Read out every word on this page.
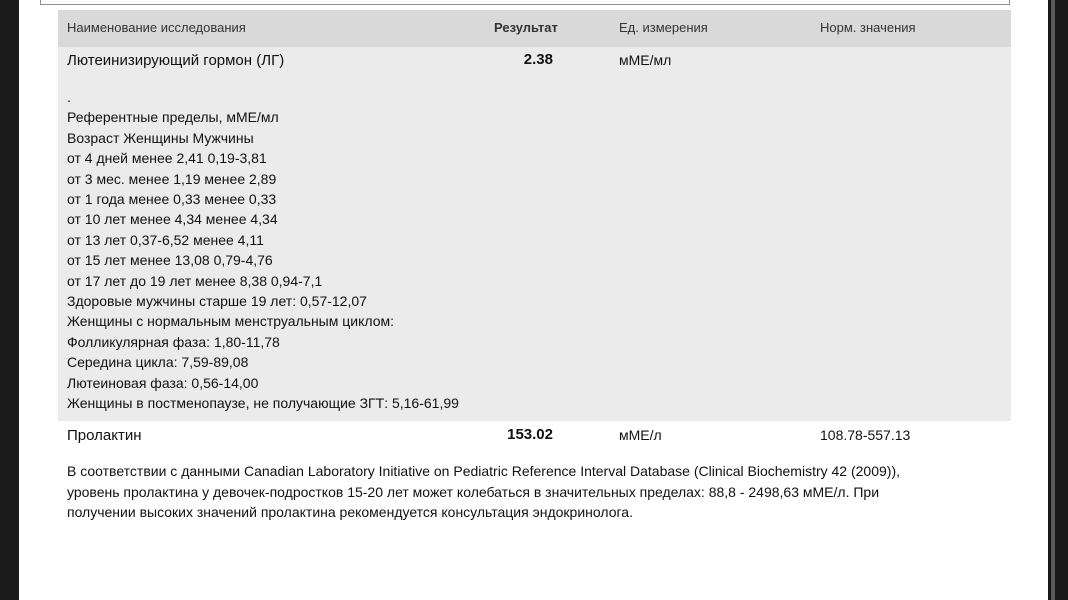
Наименование исследования	Результат	Ед. измерения	Норм. значения
Лютеинизирующий гормон (ЛГ)	2.38	мМЕ/мл
.
Референтные пределы, мМЕ/мл
Возраст Женщины Мужчины
от 4 дней менее 2,41 0,19-3,81
от 3 мес. менее 1,19 менее 2,89
от 1 года менее 0,33 менее 0,33
от 10 лет менее 4,34 менее 4,34
от 13 лет 0,37-6,52 менее 4,11
от 15 лет менее 13,08 0,79-4,76
от 17 лет до 19 лет менее 8,38 0,94-7,1
Здоровые мужчины старше 19 лет: 0,57-12,07
Женщины с нормальным менструальным циклом:
Фолликулярная фаза: 1,80-11,78
Середина цикла: 7,59-89,08
Лютеиновая фаза: 0,56-14,00
Женщины в постменопаузе, не получающие ЗГТ: 5,16-61,99
Пролактин	153.02	мМЕ/л	108.78-557.13
В соответствии с данными Canadian Laboratory Initiative on Pediatric Reference Interval Database (Clinical Biochemistry 42 (2009)),
уровень пролактина у девочек-подростков 15-20 лет может колебаться в значительных пределах: 88,8 - 2498,63 мМЕ/л. При
получении высоких значений пролактина рекомендуется консультация эндокринолога.
